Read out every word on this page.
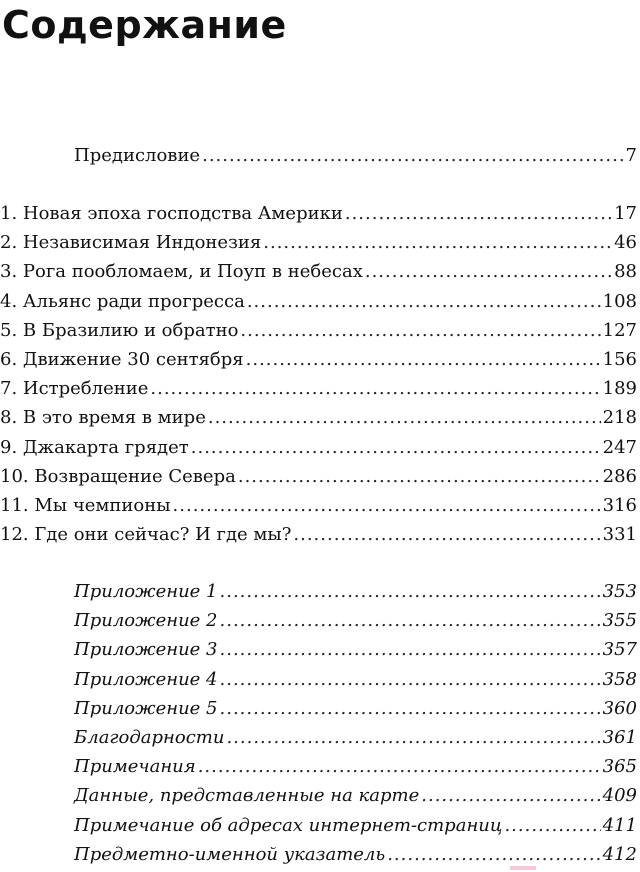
Содержание
Предисловие .....	7
1. Новая эпоха господства Америки .....	17
2. Независимая Индонезия .....	46
3. Рога пообломаем, и Поуп в небесах .....	88
4. Альянс ради прогресса .....	108
5. В Бразилию и обратно .....	127
6. Движение 30 сентября .....	156
7. Истребление .....	189
8. В это время в мире .....	218
9. Джакарта грядет .....	247
10. Возвращение Севера .....	286
11. Мы чемпионы .....	316
12. Где они сейчас? И где мы? .....	331
Приложение 1 .....	353
Приложение 2 .....	355
Приложение 3 .....	357
Приложение 4 .....	358
Приложение 5 .....	360
Благодарности .....	361
Примечания .....	365
Данные, представленные на карте .....	409
Примечание об адресах интернет-страниц .....	411
Предметно-именной указатель .....	412
